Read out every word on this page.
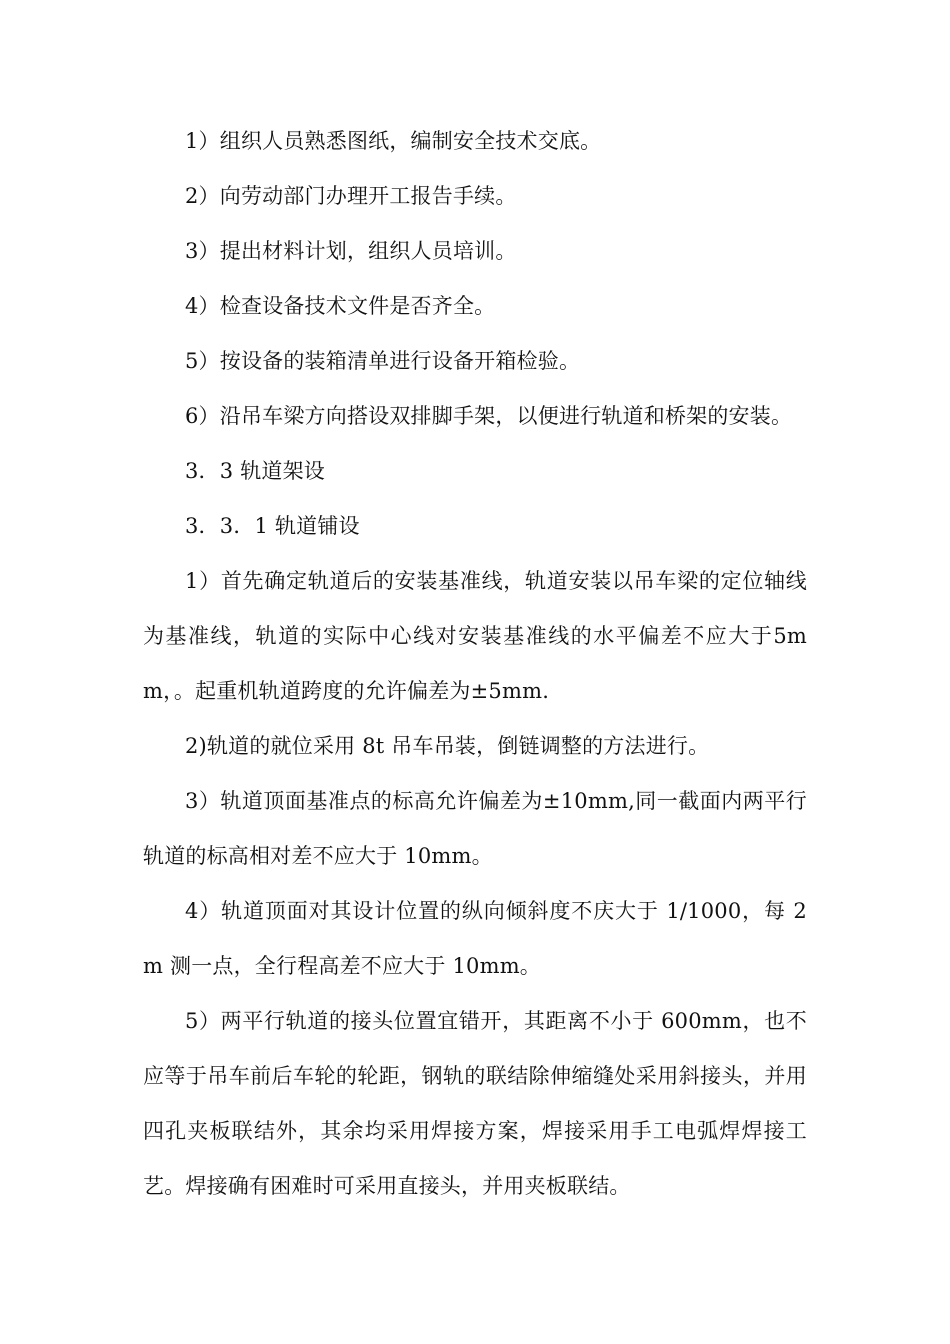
1）组织人员熟悉图纸，编制安全技术交底。

2）向劳动部门办理开工报告手续。

3）提出材料计划，组织人员培训。

4）检查设备技术文件是否齐全。

5）按设备的装箱清单进行设备开箱检验。

6）沿吊车梁方向搭设双排脚手架，以便进行轨道和桥架的安装。

3．3 轨道架设

3．3．1 轨道铺设

1）首先确定轨道后的安装基准线，轨道安装以吊车梁的定位轴线为基准线，轨道的实际中心线对安装基准线的水平偏差不应大于5mm，。起重机轨道跨度的允许偏差为±5mm.

2)轨道的就位采用 8t 吊车吊装，倒链调整的方法进行。

3）轨道顶面基准点的标高允许偏差为±10mm,同一截面内两平行轨道的标高相对差不应大于 10mm。

4）轨道顶面对其设计位置的纵向倾斜度不庆大于 1/1000，每 2m 测一点，全行程高差不应大于 10mm。

5）两平行轨道的接头位置宜错开，其距离不小于 600mm，也不应等于吊车前后车轮的轮距，钢轨的联结除伸缩缝处采用斜接头，并用四孔夹板联结外，其余均采用焊接方案，焊接采用手工电弧焊焊接工艺。焊接确有困难时可采用直接头，并用夹板联结。
